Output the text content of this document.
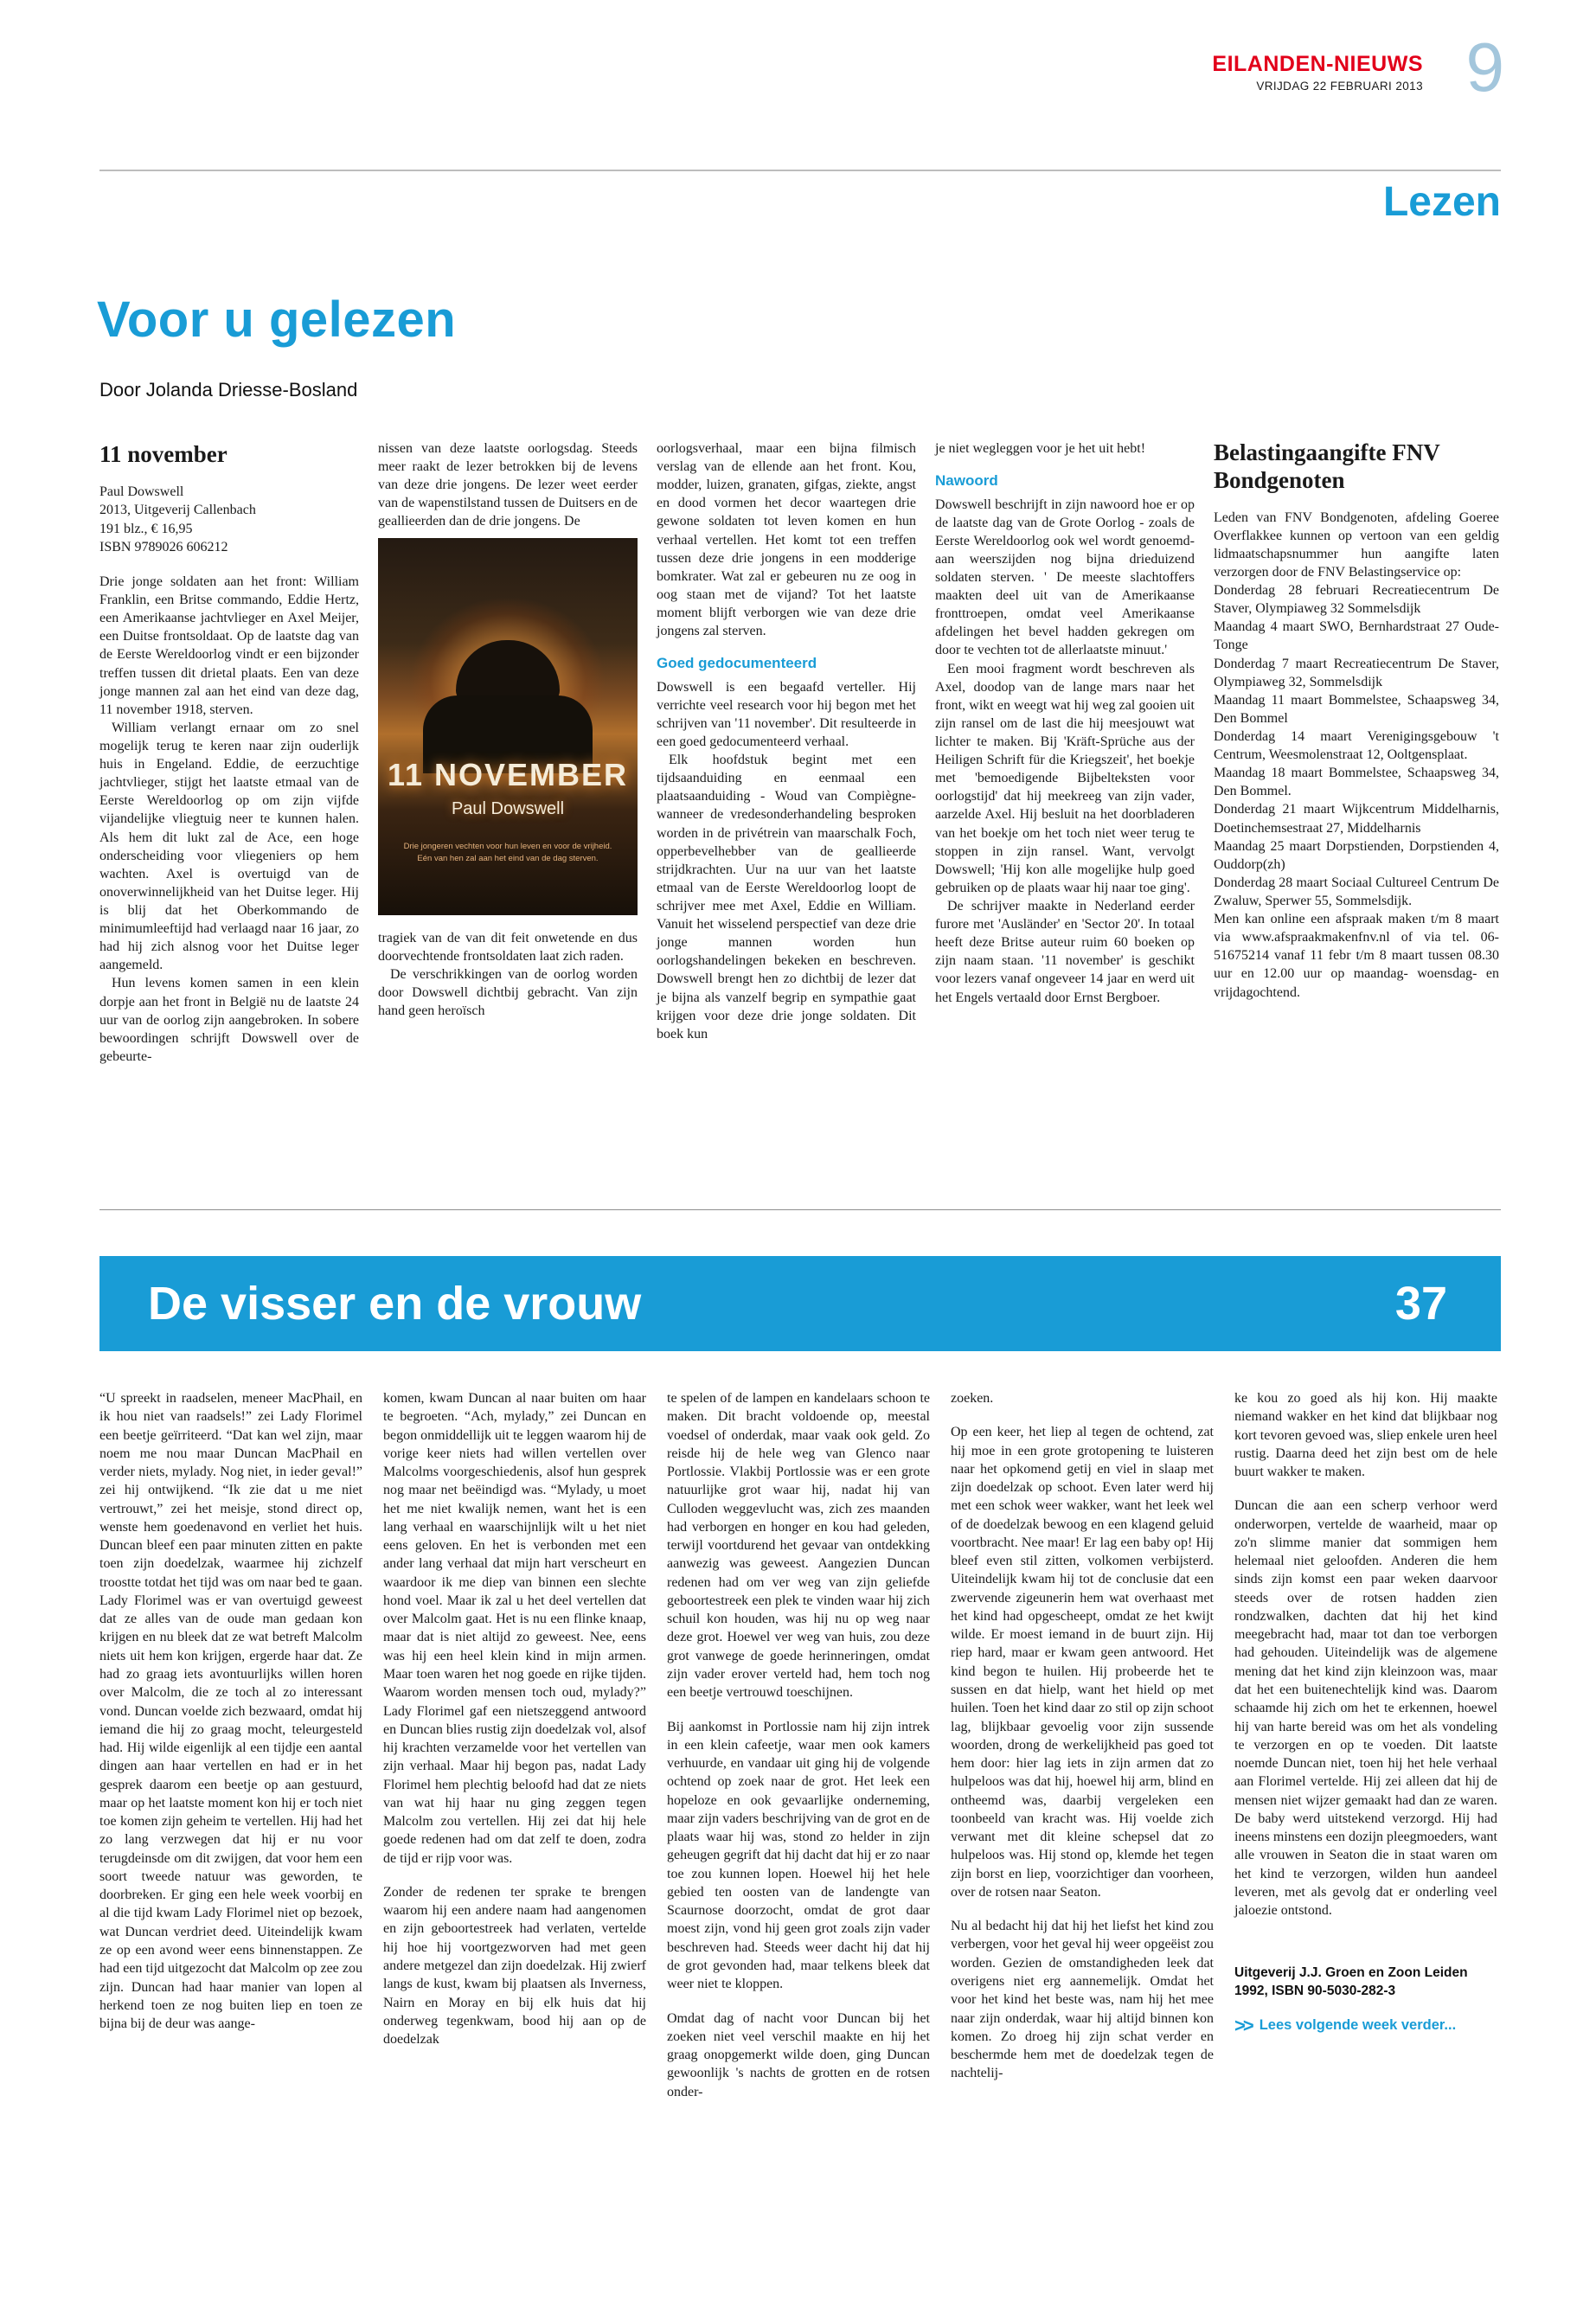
EILANDEN-NIEUWS
VRIJDAG 22 FEBRUARI 2013 9
Lezen
Voor u gelezen
Door Jolanda Driesse-Bosland
11 november

Paul Dowswell

2013, Uitgeverij Callenbach

191 blz., € 16,95

ISBN 9789026 606212

Drie jonge soldaten aan het front: William Franklin, een Britse commando, Eddie Hertz, een Amerikaanse jachtvlieger en Axel Meijer, een Duitse frontsoldaat. Op de laatste dag van de Eerste Wereldoorlog vindt er een bijzonder treffen tussen dit drietal plaats. Een van deze jonge mannen zal aan het eind van deze dag, 11 november 1918, sterven.

William verlangt ernaar om zo snel mogelijk terug te keren naar zijn ouderlijk huis in Engeland. Eddie, de eerzuchtige jachtvlieger, stijgt het laatste etmaal van de Eerste Wereldoorlog op om zijn vijfde vijandelijke vliegtuig neer te kunnen halen. Als hem dit lukt zal de Ace, een hoge onderscheiding voor vliegeniers op hem wachten. Axel is overtuigd van de onoverwinnelijkheid van het Duitse leger. Hij is blij dat het Oberkommando de minimumleeftijd had verlaagd naar 16 jaar, zo had hij zich alsnog voor het Duitse leger aangemeld.

Hun levens komen samen in een klein dorpje aan het front in België nu de laatste 24 uur van de oorlog zijn aangebroken. In sobere bewoordingen schrijft Dowswell over de gebeurte-

nissen van deze laatste oorlogsdag. Steeds meer raakt de lezer betrokken bij de levens van deze drie jongens. De lezer weet eerder van de wapenstilstand tussen de Duitsers en de geallieerden dan de drie jongens. De

11 NOVEMBER
Paul Dowswell

Drie jongeren vechten voor hun leven en voor de vrijheid.

Eén van hen zal aan het eind van de dag sterven.

tragiek van de van dit feit onwetende en dus doorvechtende frontsoldaten laat zich raden.

De verschrikkingen van de oorlog worden door Dowswell dichtbij gebracht. Van zijn hand geen heroïsch

oorlogsverhaal, maar een bijna filmisch verslag van de ellende aan het front. Kou, modder, luizen, granaten, gifgas, ziekte, angst en dood vormen het decor waartegen drie gewone soldaten tot leven komen en hun verhaal vertellen. Het komt tot een treffen tussen deze drie jongens in een modderige bomkrater. Wat zal er gebeuren nu ze oog in oog staan met de vijand? Tot het laatste moment blijft verborgen wie van deze drie jongens zal sterven.

Goed gedocumenteerd

Dowswell is een begaafd verteller. Hij verrichte veel research voor hij begon met het schrijven van '11 november'. Dit resulteerde in een goed gedocumenteerd verhaal.

Elk hoofdstuk begint met een tijdsaanduiding en eenmaal een plaatsaanduiding - Woud van Compiègne- wanneer de vredesonderhandeling besproken worden in de privétrein van maarschalk Foch, opperbevelhebber van de geallieerde strijdkrachten. Uur na uur van het laatste etmaal van de Eerste Wereldoorlog loopt de schrijver mee met Axel, Eddie en William. Vanuit het wisselend perspectief van deze drie jonge mannen worden hun oorlogshandelingen bekeken en beschreven. Dowswell brengt hen zo dichtbij de lezer dat je bijna als vanzelf begrip en sympathie gaat krijgen voor deze drie jonge soldaten. Dit boek kun

je niet wegleggen voor je het uit hebt!

Nawoord

Dowswell beschrijft in zijn nawoord hoe er op de laatste dag van de Grote Oorlog - zoals de Eerste Wereldoorlog ook wel wordt genoemd- aan weerszijden nog bijna drieduizend soldaten sterven. ' De meeste slachtoffers maakten deel uit van de Amerikaanse fronttroepen, omdat veel Amerikaanse afdelingen het bevel hadden gekregen om door te vechten tot de allerlaatste minuut.'

Een mooi fragment wordt beschreven als Axel, doodop van de lange mars naar het front, wikt en weegt wat hij weg zal gooien uit zijn ransel om de last die hij meesjouwt wat lichter te maken. Bij 'Kräft-Sprüche aus der Heiligen Schrift für die Kriegszeit', het boekje met 'bemoedigende Bijbelteksten voor oorlogstijd' dat hij meekreeg van zijn vader, aarzelde Axel. Hij besluit na het doorbladeren van het boekje om het toch niet weer terug te stoppen in zijn ransel. Want, vervolgt Dowswell; 'Hij kon alle mogelijke hulp goed gebruiken op de plaats waar hij naar toe ging'.

De schrijver maakte in Nederland eerder furore met 'Ausländer' en 'Sector 20'. In totaal heeft deze Britse auteur ruim 60 boeken op zijn naam staan. '11 november' is geschikt voor lezers vanaf ongeveer 14 jaar en werd uit het Engels vertaald door Ernst Bergboer.

Belastingaangifte FNV Bondgenoten

Leden van FNV Bondgenoten, afdeling Goeree Overflakkee kunnen op vertoon van een geldig lidmaatschapsnummer hun aangifte laten verzorgen door de FNV Belastingservice op:

Donderdag 28 februari Recreatiecentrum De Staver, Olympiaweg 32 Sommelsdijk

Maandag 4 maart SWO, Bernhardstraat 27 Oude-Tonge

Donderdag 7 maart Recreatiecentrum De Staver, Olympiaweg 32, Sommelsdijk

Maandag 11 maart Bommelstee, Schaapsweg 34, Den Bommel

Donderdag 14 maart Verenigingsgebouw 't Centrum, Weesmolenstraat 12, Ooltgensplaat.

Maandag 18 maart Bommelstee, Schaapsweg 34, Den Bommel.

Donderdag 21 maart Wijkcentrum Middelharnis, Doetinchemsestraat 27, Middelharnis

Maandag 25 maart Dorpstienden, Dorpstienden 4, Ouddorp(zh)

Donderdag 28 maart Sociaal Cultureel Centrum De Zwaluw, Sperwer 55, Sommelsdijk.

Men kan online een afspraak maken t/m 8 maart via www.afspraakmakenfnv.nl of via tel. 06-51675214 vanaf 11 febr t/m 8 maart tussen 08.30 uur en 12.00 uur op maandag- woensdag- en vrijdagochtend.

De visser en de vrouw	37

“U spreekt in raadselen, meneer MacPhail, en ik hou niet van raadsels!” zei Lady Florimel een beetje geïrriteerd. “Dat kan wel zijn, maar noem me nou maar Duncan MacPhail en verder niets, mylady. Nog niet, in ieder geval!” zei hij ontwijkend. “Ik zie dat u me niet vertrouwt,” zei het meisje, stond direct op, wenste hem goedenavond en verliet het huis. Duncan bleef een paar minuten zitten en pakte toen zijn doedelzak, waarmee hij zichzelf troostte totdat het tijd was om naar bed te gaan. Lady Florimel was er van overtuigd geweest dat ze alles van de oude man gedaan kon krijgen en nu bleek dat ze wat betreft Malcolm niets uit hem kon krijgen, ergerde haar dat. Ze had zo graag iets avontuurlijks willen horen over Malcolm, die ze toch al zo interessant vond. Duncan voelde zich bezwaard, omdat hij iemand die hij zo graag mocht, teleurgesteld had. Hij wilde eigenlijk al een tijdje een aantal dingen aan haar vertellen en had er in het gesprek daarom een beetje op aan gestuurd, maar op het laatste moment kon hij er toch niet toe komen zijn geheim te vertellen. Hij had het zo lang verzwegen dat hij er nu voor terugdeinsde om dit zwijgen, dat voor hem een soort tweede natuur was geworden, te doorbreken. Er ging een hele week voorbij en al die tijd kwam Lady Florimel niet op bezoek, wat Duncan verdriet deed. Uiteindelijk kwam ze op een avond weer eens binnenstappen. Ze had een tijd uitgezocht dat Malcolm op zee zou zijn. Duncan had haar manier van lopen al herkend toen ze nog buiten liep en toen ze bijna bij de deur was aange-

komen, kwam Duncan al naar buiten om haar te begroeten. “Ach, mylady,” zei Duncan en begon onmiddellijk uit te leggen waarom hij de vorige keer niets had willen vertellen over Malcolms voorgeschiedenis, alsof hun gesprek nog maar net beëindigd was. “Mylady, u moet het me niet kwalijk nemen, want het is een lang verhaal en waarschijnlijk wilt u het niet eens geloven. En het is verbonden met een ander lang verhaal dat mijn hart verscheurt en waardoor ik me diep van binnen een slechte hond voel. Maar ik zal u het deel vertellen dat over Malcolm gaat. Het is nu een flinke knaap, maar dat is niet altijd zo geweest. Nee, eens was hij een heel klein kind in mijn armen. Maar toen waren het nog goede en rijke tijden. Waarom worden mensen toch oud, mylady?” Lady Florimel gaf een nietszeggend antwoord en Duncan blies rustig zijn doedelzak vol, alsof hij krachten verzamelde voor het vertellen van zijn verhaal. Maar hij begon pas, nadat Lady Florimel hem plechtig beloofd had dat ze niets van wat hij haar nu ging zeggen tegen Malcolm zou vertellen. Hij zei dat hij hele goede redenen had om dat zelf te doen, zodra de tijd er rijp voor was.

Zonder de redenen ter sprake te brengen waarom hij een andere naam had aangenomen en zijn geboortestreek had verlaten, vertelde hij hoe hij voortgezworven had met geen andere metgezel dan zijn doedelzak. Hij zwierf langs de kust, kwam bij plaatsen als Inverness, Nairn en Moray en bij elk huis dat hij onderweg tegenkwam, bood hij aan op de doedelzak

te spelen of de lampen en kandelaars schoon te maken. Dit bracht voldoende op, meestal voedsel of onderdak, maar vaak ook geld. Zo reisde hij de hele weg van Glenco naar Portlossie. Vlakbij Portlossie was er een grote natuurlijke grot waar hij, nadat hij van Culloden weggevlucht was, zich zes maanden had verborgen en honger en kou had geleden, terwijl voortdurend het gevaar van ontdekking aanwezig was geweest. Aangezien Duncan redenen had om ver weg van zijn geliefde geboortestreek een plek te vinden waar hij zich schuil kon houden, was hij nu op weg naar deze grot. Hoewel ver weg van huis, zou deze grot vanwege de goede herinneringen, omdat zijn vader erover verteld had, hem toch nog een beetje vertrouwd toeschijnen.

Bij aankomst in Portlossie nam hij zijn intrek in een klein cafeetje, waar men ook kamers verhuurde, en vandaar uit ging hij de volgende ochtend op zoek naar de grot. Het leek een hopeloze en ook gevaarlijke onderneming, maar zijn vaders beschrijving van de grot en de plaats waar hij was, stond zo helder in zijn geheugen gegrift dat hij dacht dat hij er zo naar toe zou kunnen lopen. Hoewel hij het hele gebied ten oosten van de landengte van Scaurnose doorzocht, omdat de grot daar moest zijn, vond hij geen grot zoals zijn vader beschreven had. Steeds weer dacht hij dat hij de grot gevonden had, maar telkens bleek dat weer niet te kloppen.

Omdat dag of nacht voor Duncan bij het zoeken niet veel verschil maakte en hij het graag onopgemerkt wilde doen, ging Duncan gewoonlijk 's nachts de grotten en de rotsen onder-

zoeken.

Op een keer, het liep al tegen de ochtend, zat hij moe in een grote grotopening te luisteren naar het opkomend getij en viel in slaap met zijn doedelzak op schoot. Even later werd hij met een schok weer wakker, want het leek wel of de doedelzak bewoog en een klagend geluid voortbracht. Nee maar! Er lag een baby op! Hij bleef even stil zitten, volkomen verbijsterd. Uiteindelijk kwam hij tot de conclusie dat een zwervende zigeunerin hem wat overhaast met het kind had opgescheept, omdat ze het kwijt wilde. Er moest iemand in de buurt zijn. Hij riep hard, maar er kwam geen antwoord. Het kind begon te huilen. Hij probeerde het te sussen en dat hielp, want het hield op met huilen. Toen het kind daar zo stil op zijn schoot lag, blijkbaar gevoelig voor zijn sussende woorden, drong de werkelijkheid pas goed tot hem door: hier lag iets in zijn armen dat zo hulpeloos was dat hij, hoewel hij arm, blind en ontheemd was, daarbij vergeleken een toonbeeld van kracht was. Hij voelde zich verwant met dit kleine schepsel dat zo hulpeloos was. Hij stond op, klemde het tegen zijn borst en liep, voorzichtiger dan voorheen, over de rotsen naar Seaton.

Nu al bedacht hij dat hij het liefst het kind zou verbergen, voor het geval hij weer opgeëist zou worden. Gezien de omstandigheden leek dat overigens niet erg aannemelijk. Omdat het voor het kind het beste was, nam hij het mee naar zijn onderdak, waar hij altijd binnen kon komen. Zo droeg hij zijn schat verder en beschermde hem met de doedelzak tegen de nachtelij-

ke kou zo goed als hij kon. Hij maakte niemand wakker en het kind dat blijkbaar nog kort tevoren gevoed was, sliep enkele uren heel rustig. Daarna deed het zijn best om de hele buurt wakker te maken.

Duncan die aan een scherp verhoor werd onderworpen, vertelde de waarheid, maar op zo'n slimme manier dat sommigen hem helemaal niet geloofden. Anderen die hem sinds zijn komst een paar weken daarvoor steeds over de rotsen hadden zien rondzwalken, dachten dat hij het kind meegebracht had, maar tot dan toe verborgen had gehouden. Uiteindelijk was de algemene mening dat het kind zijn kleinzoon was, maar dat het een buitenechtelijk kind was. Daarom schaamde hij zich om het te erkennen, hoewel hij van harte bereid was om het als vondeling te verzorgen en op te voeden. Dit laatste noemde Duncan niet, toen hij het hele verhaal aan Florimel vertelde. Hij zei alleen dat hij de mensen niet wijzer gemaakt had dan ze waren. De baby werd uitstekend verzorgd. Hij had ineens minstens een dozijn pleegmoeders, want alle vrouwen in Seaton die in staat waren om het kind te verzorgen, wilden hun aandeel leveren, met als gevolg dat er onderling veel jaloezie ontstond.

Uitgeverij J.J. Groen en Zoon Leiden
1992, ISBN 90-5030-282-3
>> Lees volgende week verder...
